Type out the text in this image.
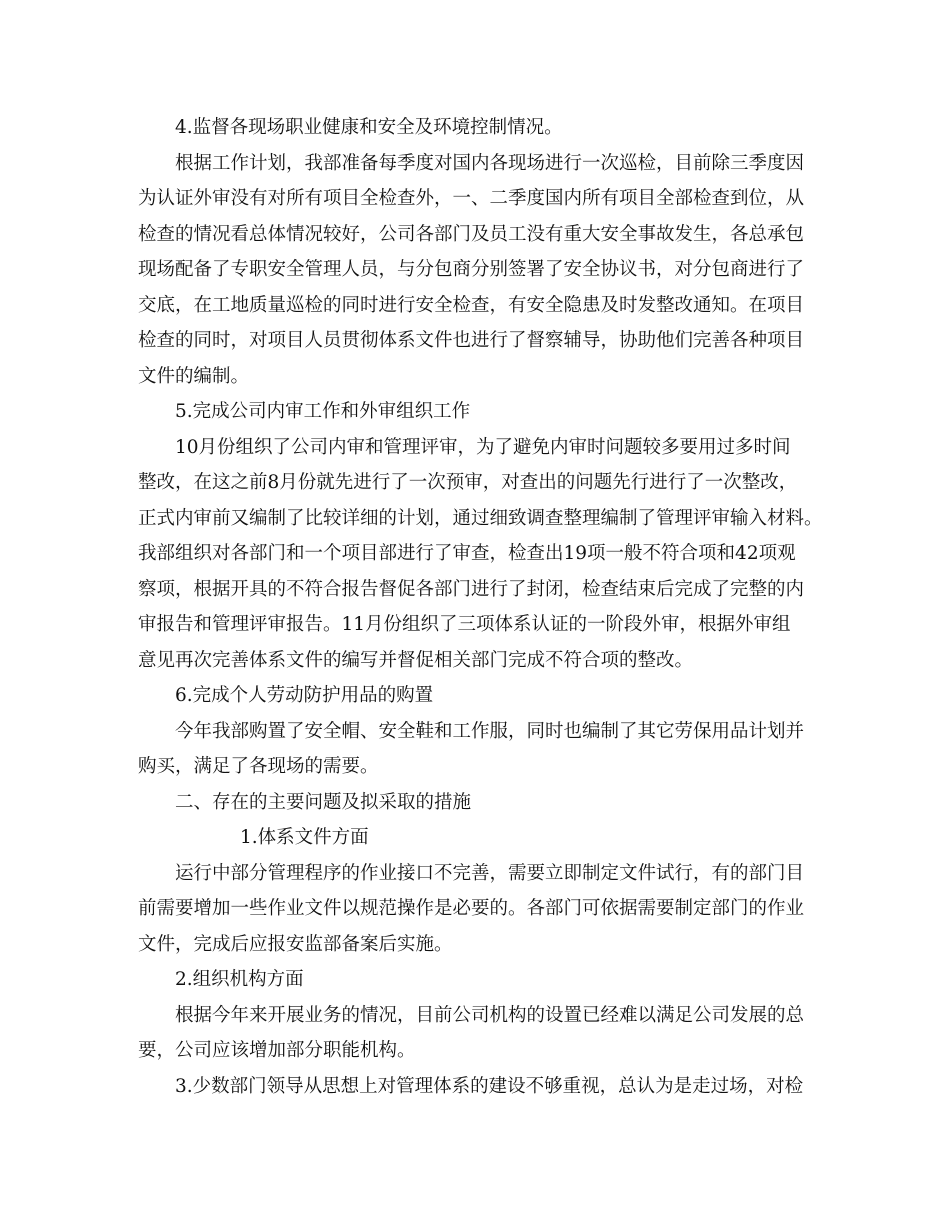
4.监督各现场职业健康和安全及环境控制情况。

根据工作计划，我部准备每季度对国内各现场进行一次巡检，目前除三季度因

为认证外审没有对所有项目全检查外，一、二季度国内所有项目全部检查到位，从

检查的情况看总体情况较好，公司各部门及员工没有重大安全事故发生，各总承包

现场配备了专职安全管理人员，与分包商分别签署了安全协议书，对分包商进行了

交底，在工地质量巡检的同时进行安全检查，有安全隐患及时发整改通知。在项目

检查的同时，对项目人员贯彻体系文件也进行了督察辅导，协助他们完善各种项目

文件的编制。

5.完成公司内审工作和外审组织工作

10月份组织了公司内审和管理评审，为了避免内审时问题较多要用过多时间

整改，在这之前8月份就先进行了一次预审，对查出的问题先行进行了一次整改，

正式内审前又编制了比较详细的计划，通过细致调查整理编制了管理评审输入材料。

我部组织对各部门和一个项目部进行了审查，检查出19项一般不符合项和42项观

察项，根据开具的不符合报告督促各部门进行了封闭，检查结束后完成了完整的内

审报告和管理评审报告。11月份组织了三项体系认证的一阶段外审，根据外审组

意见再次完善体系文件的编写并督促相关部门完成不符合项的整改。

6.完成个人劳动防护用品的购置

今年我部购置了安全帽、安全鞋和工作服，同时也编制了其它劳保用品计划并

购买，满足了各现场的需要。

二、存在的主要问题及拟采取的措施

1.体系文件方面

运行中部分管理程序的作业接口不完善，需要立即制定文件试行，有的部门目

前需要增加一些作业文件以规范操作是必要的。各部门可依据需要制定部门的作业

文件，完成后应报安监部备案后实施。

2.组织机构方面

根据今年来开展业务的情况，目前公司机构的设置已经难以满足公司发展的总

要，公司应该增加部分职能机构。

3.少数部门领导从思想上对管理体系的建设不够重视，总认为是走过场，对检
